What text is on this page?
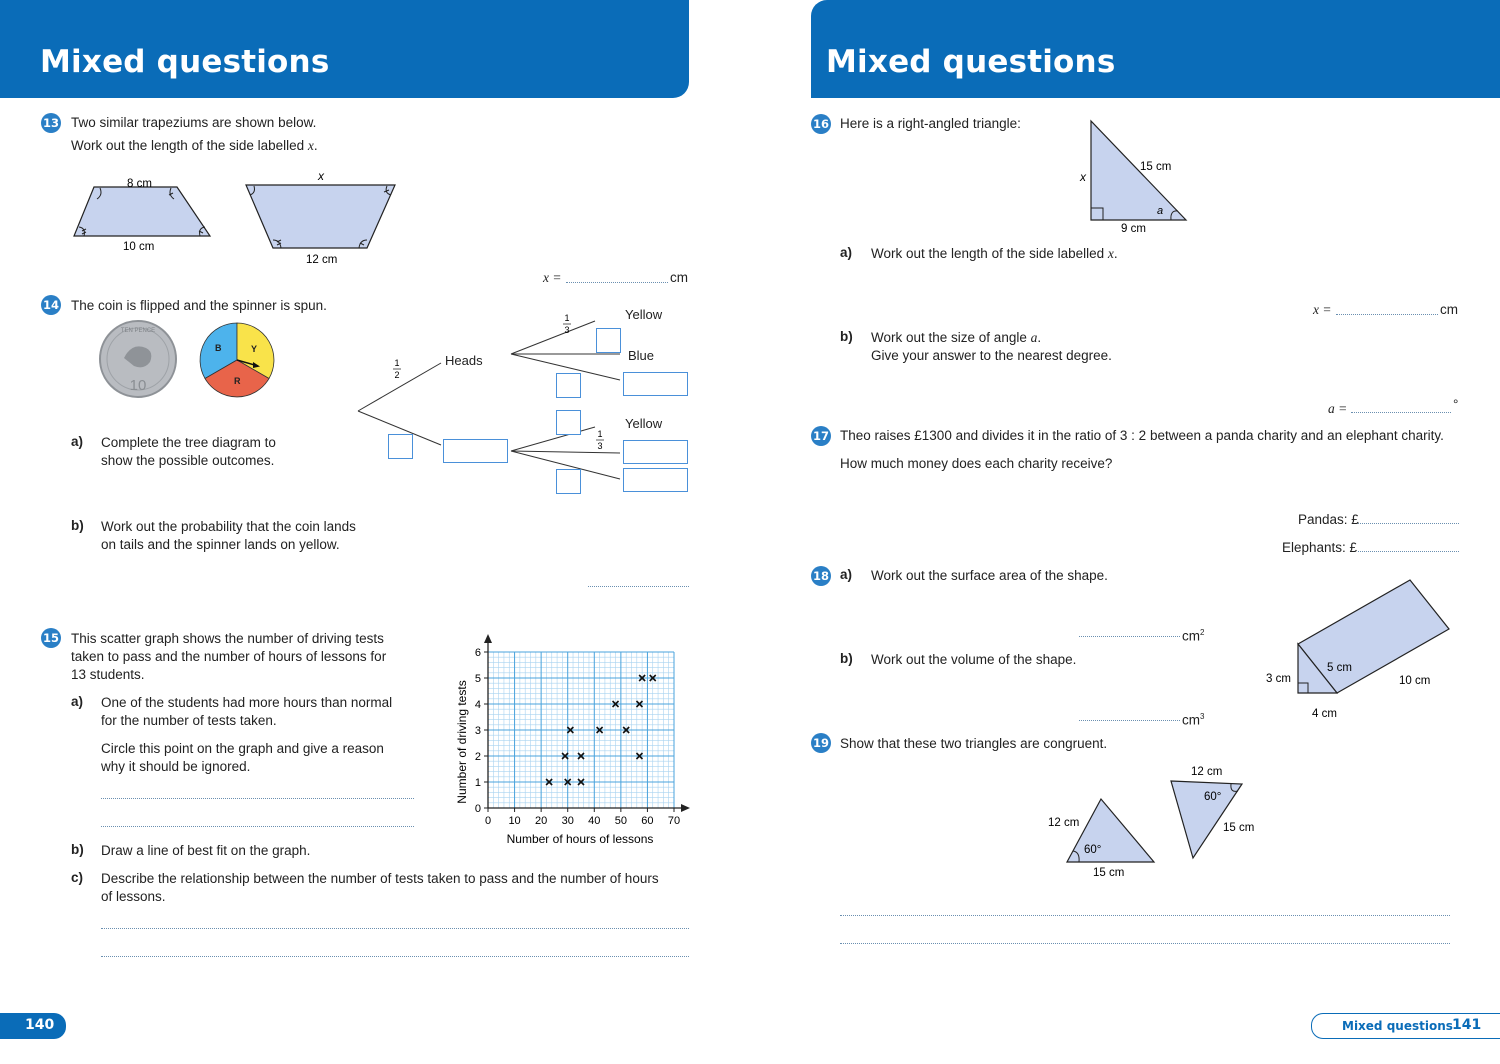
Mixed questions	Mixed questions
13 Two similar trapeziums are shown below.
Work out the length of the side labelled x.
8 cm
10 cm
x
12 cm
x =	cm
14 The coin is flipped and the spinner is spun.
TEN PENCE
10
B	Y
R
1
2
1
3
1
3
Heads
Yellow
Blue
Yellow
a) Complete the tree diagram to
show the possible outcomes.
b) Work out the probability that the coin lands
on tails and the spinner lands on yellow.
15 This scatter graph shows the number of driving tests
taken to pass and the number of hours of lessons for
13 students.
a) One of the students had more hours than normal
for the number of tests taken.
Circle this point on the graph and give a reason
why it should be ignored.
0
1
2
3
4
5
6
0 10 20 30 40 50 60 70
Number of hours of lessons
Number of driving tests
b) Draw a line of best fit on the graph.
c) Describe the relationship between the number of tests taken to pass and the number of hours
of lessons.
16 Here is a right-angled triangle:
15 cm
9 cm
x
a
a) Work out the length of the side labelled x.
x =	cm
b) Work out the size of angle a.
Give your answer to the nearest degree.
a =	°
17 Theo raises £1300 and divides it in the ratio of 3 : 2 between a panda charity and an elephant charity.
How much money does each charity receive?
Pandas: £
Elephants: £
18 a) Work out the surface area of the shape.
$cm^2$
b) Work out the volume of the shape.
$cm^3$
3 cm
5 cm
4 cm
10 cm
19 Show that these two triangles are congruent.
12 cm
60°
15 cm
12 cm
60°
15 cm
140	Mixed questions 141
